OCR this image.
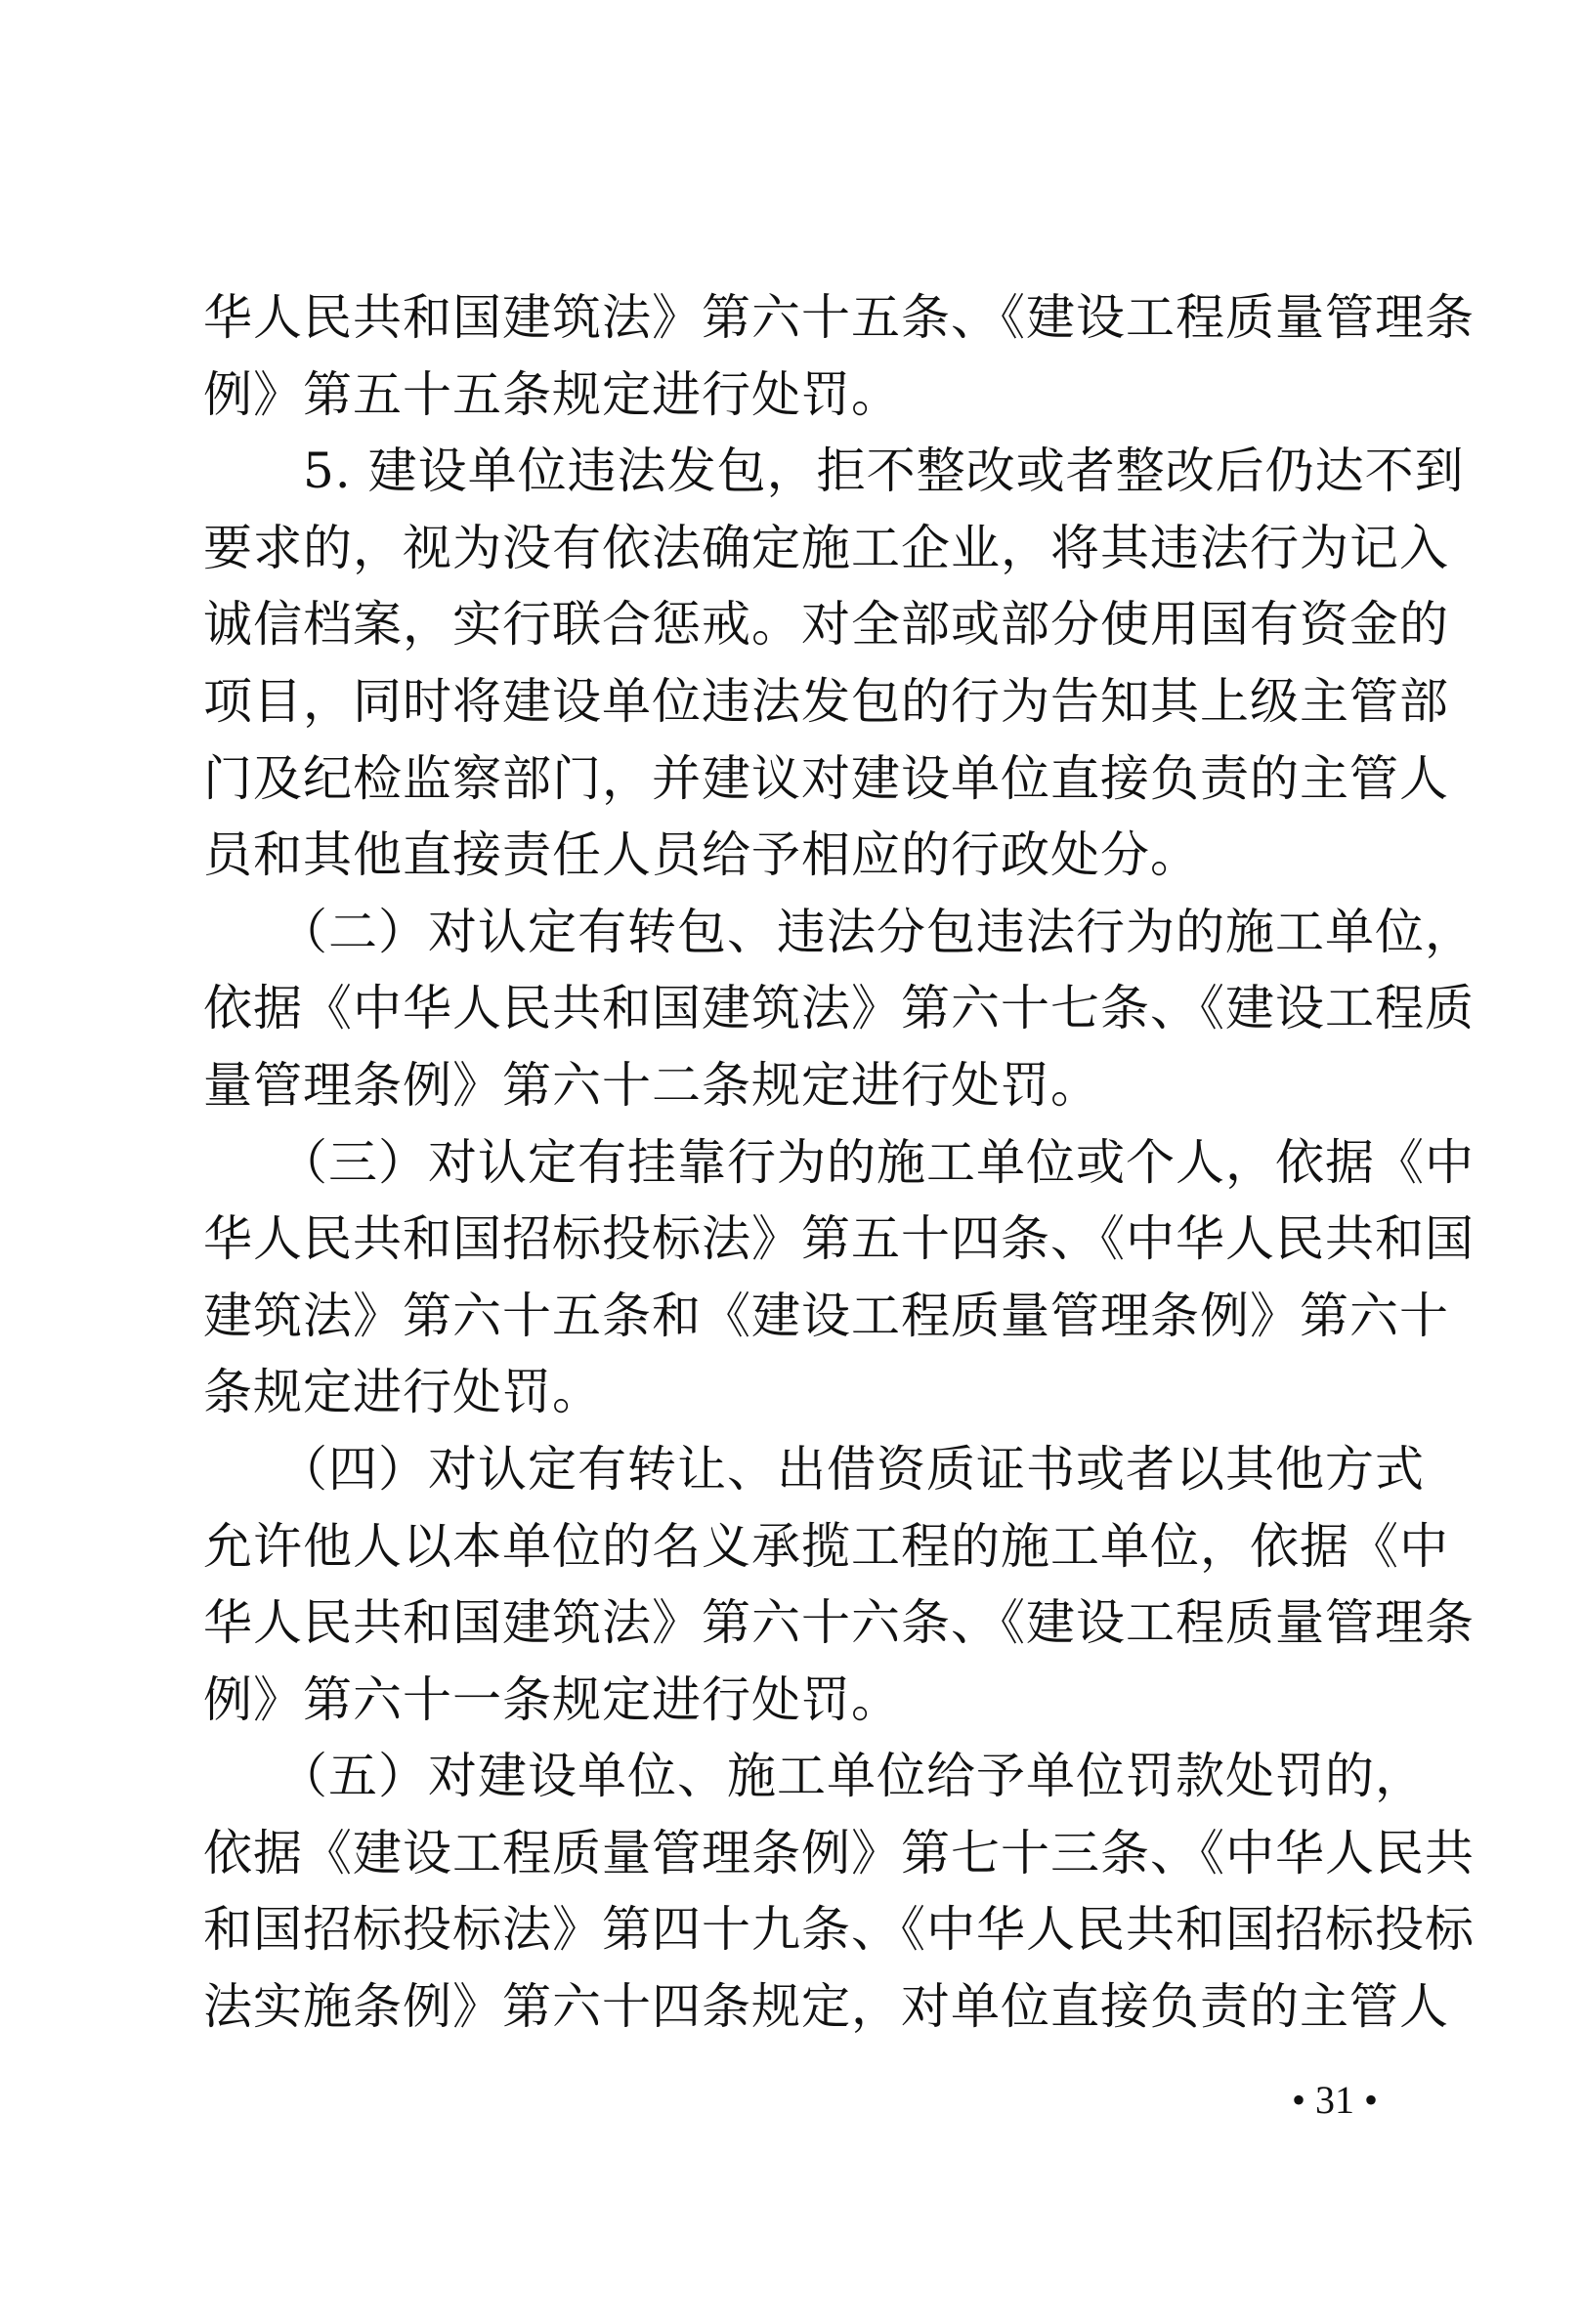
华人民共和国建筑法》第六十五条、《建设工程质量管理条
例》第五十五条规定进行处罚。
　　5. 建设单位违法发包，拒不整改或者整改后仍达不到
要求的，视为没有依法确定施工企业，将其违法行为记入
诚信档案，实行联合惩戒。对全部或部分使用国有资金的
项目，同时将建设单位违法发包的行为告知其上级主管部
门及纪检监察部门，并建议对建设单位直接负责的主管人
员和其他直接责任人员给予相应的行政处分。
　　（二）对认定有转包、违法分包违法行为的施工单位，
依据《中华人民共和国建筑法》第六十七条、《建设工程质
量管理条例》第六十二条规定进行处罚。
　　（三）对认定有挂靠行为的施工单位或个人，依据《中
华人民共和国招标投标法》第五十四条、《中华人民共和国
建筑法》第六十五条和《建设工程质量管理条例》第六十
条规定进行处罚。
　　（四）对认定有转让、出借资质证书或者以其他方式
允许他人以本单位的名义承揽工程的施工单位，依据《中
华人民共和国建筑法》第六十六条、《建设工程质量管理条
例》第六十一条规定进行处罚。
　　（五）对建设单位、施工单位给予单位罚款处罚的，
依据《建设工程质量管理条例》第七十三条、《中华人民共
和国招标投标法》第四十九条、《中华人民共和国招标投标
法实施条例》第六十四条规定，对单位直接负责的主管人
• 31 •
